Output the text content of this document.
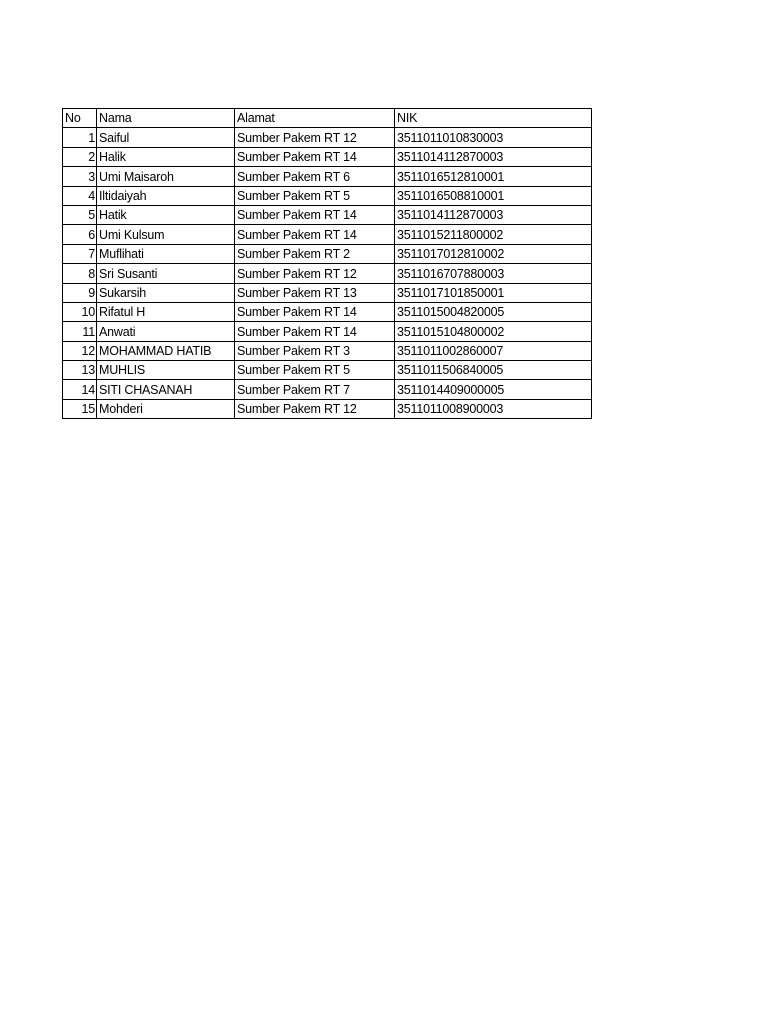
No	Nama	Alamat	NIK
1	Saiful	Sumber Pakem RT 12	3511011010830003
2	Halik	Sumber Pakem RT 14	3511014112870003
3	Umi Maisaroh	Sumber Pakem RT 6	3511016512810001
4	Iltidaiyah	Sumber Pakem RT 5	3511016508810001
5	Hatik	Sumber Pakem RT 14	3511014112870003
6	Umi Kulsum	Sumber Pakem RT 14	3511015211800002
7	Muflihati	Sumber Pakem RT 2	3511017012810002
8	Sri Susanti	Sumber Pakem RT 12	3511016707880003
9	Sukarsih	Sumber Pakem RT 13	3511017101850001
10	Rifatul H	Sumber Pakem RT 14	3511015004820005
11	Anwati	Sumber Pakem RT 14	3511015104800002
12	MOHAMMAD HATIB	Sumber Pakem RT 3	3511011002860007
13	MUHLIS	Sumber Pakem RT 5	3511011506840005
14	SITI CHASANAH	Sumber Pakem RT 7	3511014409000005
15	Mohderi	Sumber Pakem RT 12	3511011008900003
